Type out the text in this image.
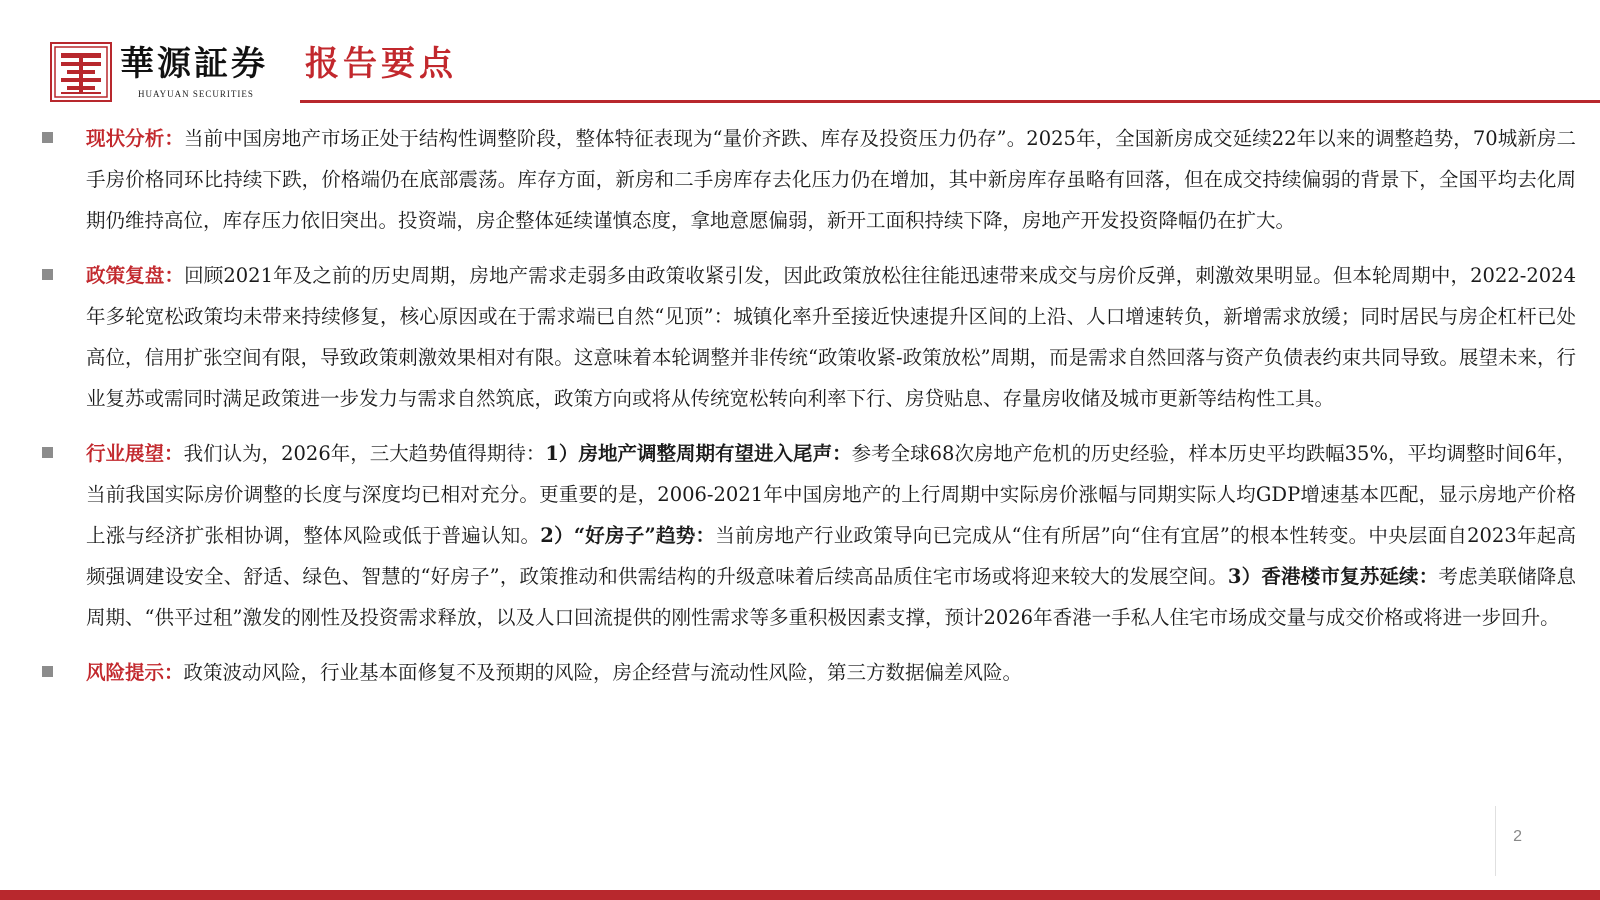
華源証券
HUAYUAN SECURITIES
报告要点
现状分析：当前中国房地产市场正处于结构性调整阶段，整体特征表现为“量价齐跌、库存及投资压力仍存”。2025年，全国新房成交延续22年以来的调整趋势，70城新房二手房价格同环比持续下跌，价格端仍在底部震荡。库存方面，新房和二手房库存去化压力仍在增加，其中新房库存虽略有回落，但在成交持续偏弱的背景下，全国平均去化周期仍维持高位，库存压力依旧突出。投资端，房企整体延续谨慎态度，拿地意愿偏弱，新开工面积持续下降，房地产开发投资降幅仍在扩大。
政策复盘：回顾2021年及之前的历史周期，房地产需求走弱多由政策收紧引发，因此政策放松往往能迅速带来成交与房价反弹，刺激效果明显。但本轮周期中，2022-2024年多轮宽松政策均未带来持续修复，核心原因或在于需求端已自然“见顶”：城镇化率升至接近快速提升区间的上沿、人口增速转负，新增需求放缓；同时居民与房企杠杆已处高位，信用扩张空间有限，导致政策刺激效果相对有限。这意味着本轮调整并非传统“政策收紧-政策放松”周期，而是需求自然回落与资产负债表约束共同导致。展望未来，行业复苏或需同时满足政策进一步发力与需求自然筑底，政策方向或将从传统宽松转向利率下行、房贷贴息、存量房收储及城市更新等结构性工具。
行业展望：我们认为，2026年，三大趋势值得期待：1）房地产调整周期有望进入尾声：参考全球68次房地产危机的历史经验，样本历史平均跌幅35%，平均调整时间6年，当前我国实际房价调整的长度与深度均已相对充分。更重要的是，2006-2021年中国房地产的上行周期中实际房价涨幅与同期实际人均GDP增速基本匹配，显示房地产价格上涨与经济扩张相协调，整体风险或低于普遍认知。2）“好房子”趋势：当前房地产行业政策导向已完成从“住有所居”向“住有宜居”的根本性转变。中央层面自2023年起高频强调建设安全、舒适、绿色、智慧的“好房子”，政策推动和供需结构的升级意味着后续高品质住宅市场或将迎来较大的发展空间。3）香港楼市复苏延续：考虑美联储降息周期、“供平过租”激发的刚性及投资需求释放，以及人口回流提供的刚性需求等多重积极因素支撑，预计2026年香港一手私人住宅市场成交量与成交价格或将进一步回升。
风险提示：政策波动风险，行业基本面修复不及预期的风险，房企经营与流动性风险，第三方数据偏差风险。
2
